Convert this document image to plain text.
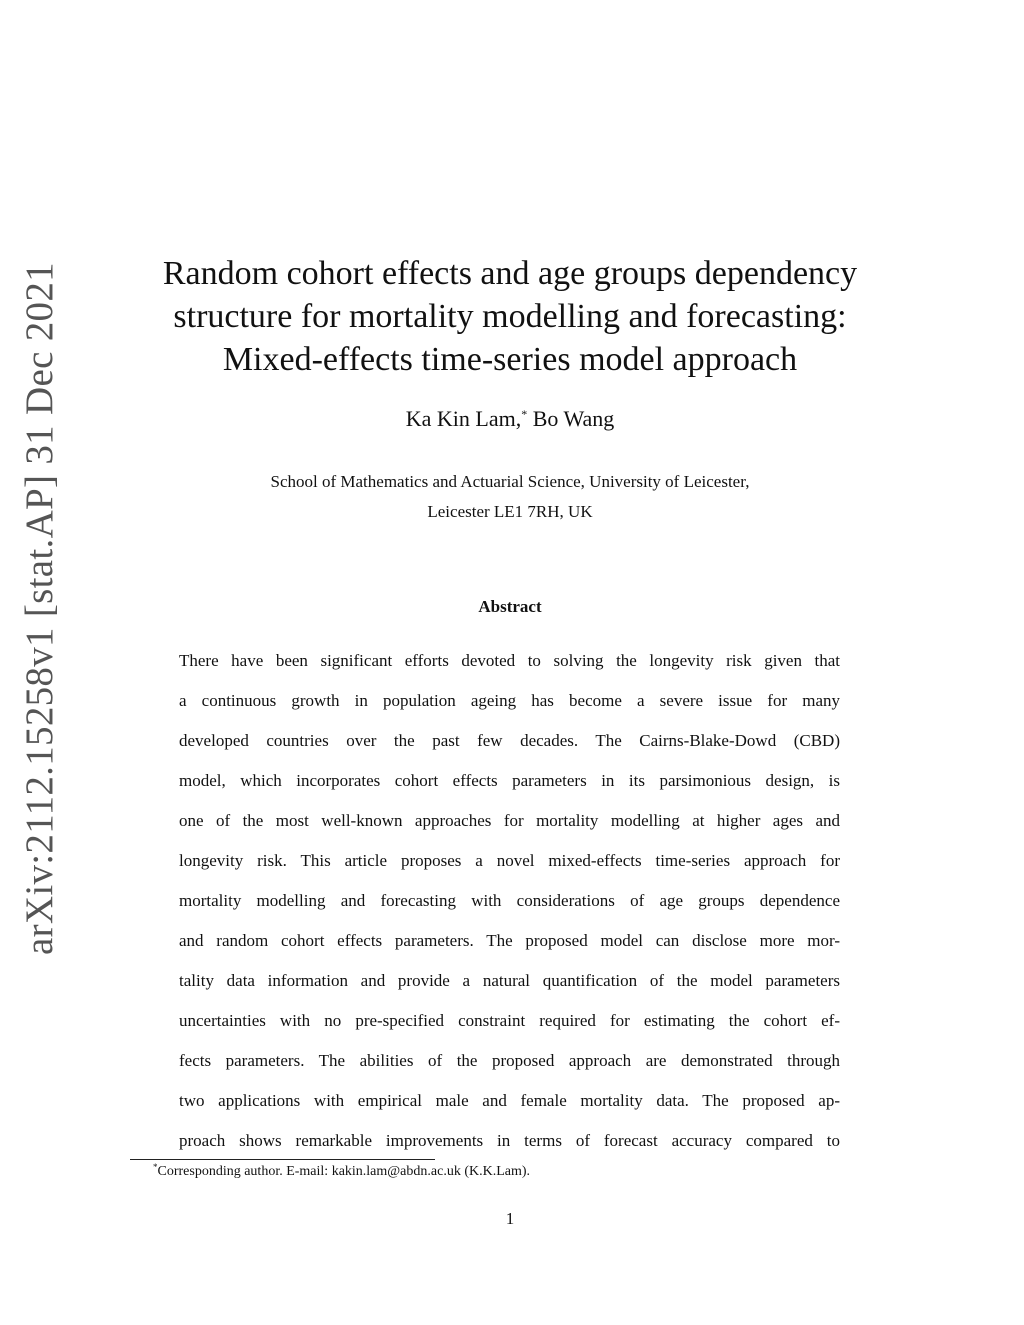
arXiv:2112.15258v1 [stat.AP] 31 Dec 2021	Random cohort effects and age groups dependency
structure for mortality modelling and forecasting:
Mixed-effects time-series model approach
Ka Kin Lam,* Bo Wang
School of Mathematics and Actuarial Science, University of Leicester,
Leicester LE1 7RH, UK
Abstract
There have been significant efforts devoted to solving the longevity risk given that
a continuous growth in population ageing has become a severe issue for many
developed countries over the past few decades. The Cairns-Blake-Dowd (CBD)
model, which incorporates cohort effects parameters in its parsimonious design, is
one of the most well-known approaches for mortality modelling at higher ages and
longevity risk. This article proposes a novel mixed-effects time-series approach for
mortality modelling and forecasting with considerations of age groups dependence
and random cohort effects parameters. The proposed model can disclose more mor-
tality data information and provide a natural quantification of the model parameters
uncertainties with no pre-specified constraint required for estimating the cohort ef-
fects parameters. The abilities of the proposed approach are demonstrated through
two applications with empirical male and female mortality data. The proposed ap-
proach shows remarkable improvements in terms of forecast accuracy compared to
*Corresponding author. E-mail: kakin.lam@abdn.ac.uk (K.K.Lam).
1
